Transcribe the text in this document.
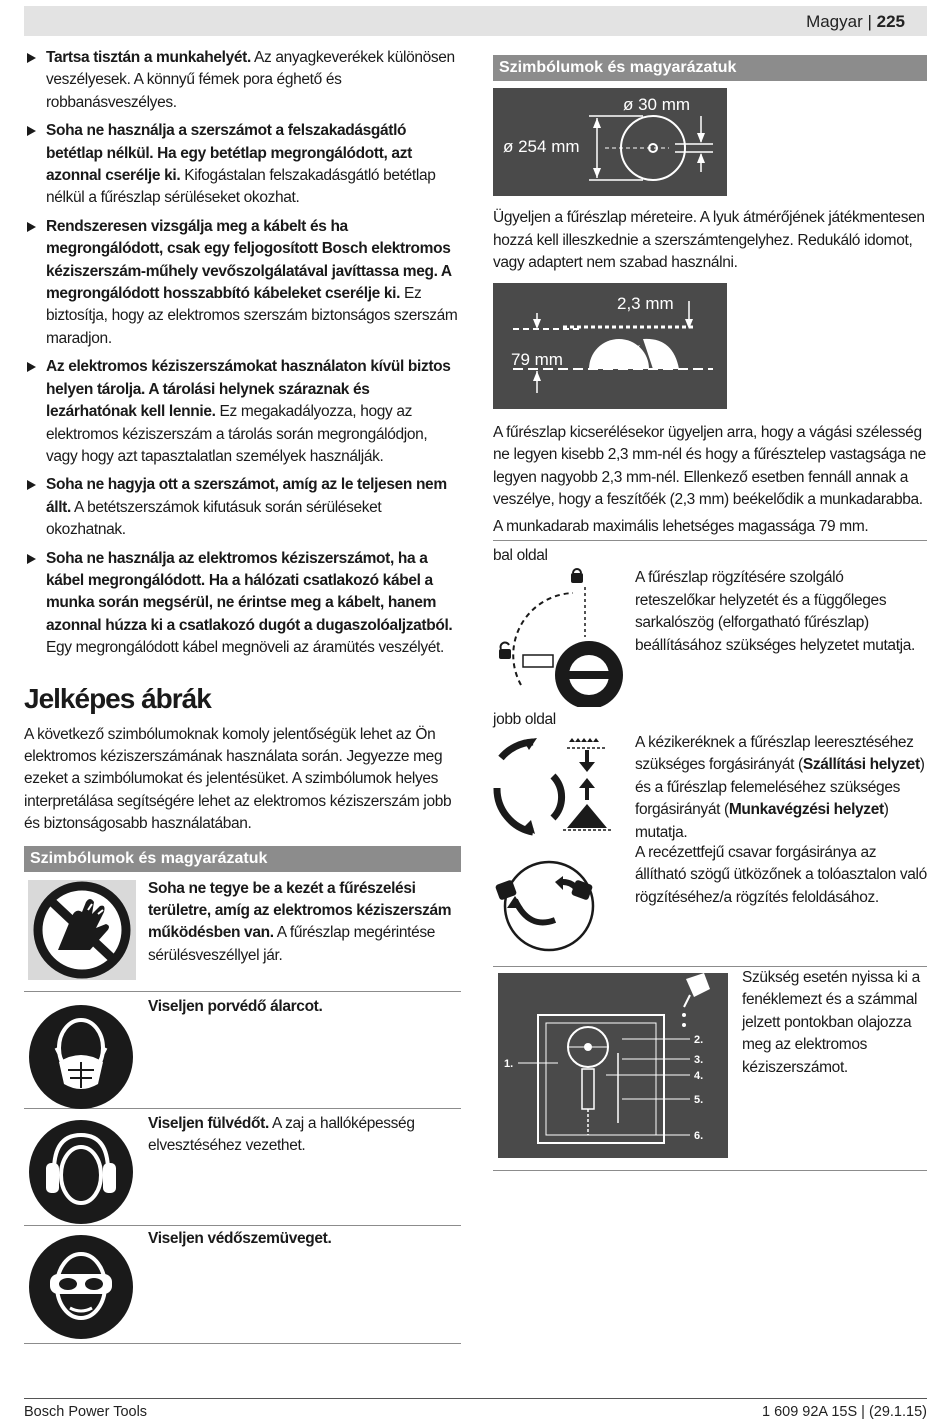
Magyar | 225
Tartsa tisztán a munkahelyét. Az anyagkeverékek különösen veszélyesek. A könnyű fémek pora éghető és robbanásveszélyes.
Soha ne használja a szerszámot a felszakadásgátló betétlap nélkül. Ha egy betétlap megrongálódott, azt azonnal cserélje ki. Kifogástalan felszakadásgátló betétlap nélkül a fűrészlap sérüléseket okozhat.
Rendszeresen vizsgálja meg a kábelt és ha megrongálódott, csak egy feljogosított Bosch elektromos kéziszerszám-műhely vevőszolgálatával javíttassa meg. A megrongálódott hosszabbító kábeleket cserélje ki. Ez biztosítja, hogy az elektromos szerszám biztonságos szerszám maradjon.
Az elektromos kéziszerszámokat használaton kívül biztos helyen tárolja. A tárolási helynek száraznak és lezárhatónak kell lennie. Ez megakadályozza, hogy az elektromos kéziszerszám a tárolás során megrongálódjon, vagy hogy azt tapasztalatlan személyek használják.
Soha ne hagyja ott a szerszámot, amíg az le teljesen nem állt. A betétszerszámok kifutásuk során sérüléseket okozhatnak.
Soha ne használja az elektromos kéziszerszámot, ha a kábel megrongálódott. Ha a hálózati csatlakozó kábel a munka során megsérül, ne érintse meg a kábelt, hanem azonnal húzza ki a csatlakozó dugót a dugaszolóaljzatból. Egy megrongálódott kábel megnöveli az áramütés veszélyét.
Jelképes ábrák
A következő szimbólumoknak komoly jelentőségük lehet az Ön elektromos kéziszerszámának használata során. Jegyezze meg ezeket a szimbólumokat és jelentésüket. A szimbólumok helyes interpretálása segítségére lehet az elektromos kéziszerszám jobb és biztonságosabb használatában.
Szimbólumok és magyarázatuk
Soha ne tegye be a kezét a fűrészelési területre, amíg az elektromos kéziszerszám működésben van. A fűrészlap megérintése sérülésveszéllyel jár.
Viseljen porvédő álarcot.
Viseljen fülvédőt. A zaj a hallóképesség elvesztéséhez vezethet.
Viseljen védőszemüveget.
Szimbólumok és magyarázatuk
ø 30 mm
ø 254 mm
Ügyeljen a fűrészlap méreteire. A lyuk átmérőjének játékmentesen hozzá kell illeszkednie a szerszámtengelyhez. Redukáló idomot, vagy adaptert nem szabad használni.
2,3 mm
79 mm
A fűrészlap kicserélésekor ügyeljen arra, hogy a vágási szélesség ne legyen kisebb 2,3 mm-nél és hogy a fűrésztelep vastagsága ne legyen nagyobb 2,3 mm-nél. Ellenkező esetben fennáll annak a veszélye, hogy a feszítőék (2,3 mm) beékelődik a munkadarabba.
A munkadarab maximális lehetséges magassága 79 mm.
bal oldal
A fűrészlap rögzítésére szolgáló reteszelőkar helyzetét és a függőleges sarkalószög (elforgatható fűrészlap) beállításához szükséges helyzetet mutatja.
jobb oldal
A kézikeréknek a fűrészlap leeresztéséhez szükséges forgásirányát (Szállítási helyzet) és a fűrészlap felemeléséhez szükséges forgásirányát (Munkavégzési helyzet) mutatja.
A recézettfejű csavar forgásiránya az állítható szögű ütközőnek a tolóasztalon való rögzítéséhez/a rögzítés feloldásához.
1.
2.
3.
4.
5.
6.
Szükség esetén nyissa ki a fenéklemezt és a számmal jelzett pontokban olajozza meg az elektromos kéziszerszámot.
Bosch Power Tools	1 609 92A 15S | (29.1.15)
